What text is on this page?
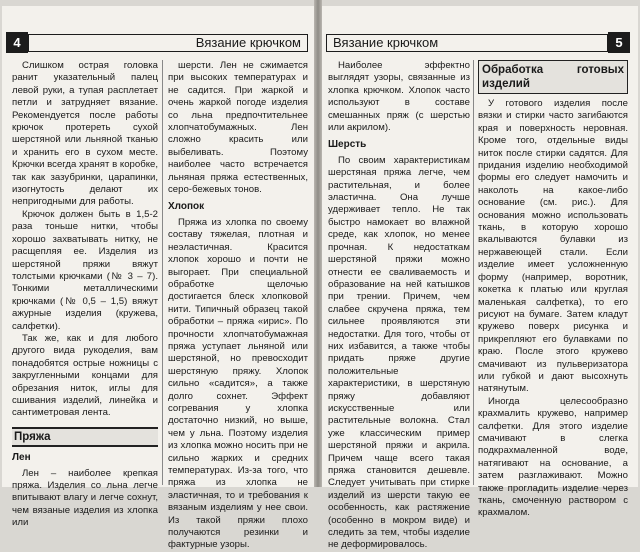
4	Вязание крючком

Слишком острая головка ранит указательный палец левой руки, а тупая расплетает петли и затрудняет вязание. Рекомендуется после работы крючок протереть сухой шерстяной или льняной тканью и хранить его в сухом месте. Крючки всегда хранят в коробке, так как зазубринки, царапинки, изогнутость делают их непригодными для работы.

Крючок должен быть в 1,5-2 раза тоньше нитки, чтобы хорошо захватывать нитку, не расщепляя ее. Изделия из шерстяной пряжи вяжут толстыми крючками (№ 3 – 7). Тонкими металлическими крючками (№ 0,5 – 1,5) вяжут ажурные изделия (кружева, салфетки).

Так же, как и для любого другого вида рукоделия, вам понадобятся острые ножницы с закругленными концами для обрезания ниток, иглы для сшивания изделий, линейка и сантиметровая лента.

Пряжа
Лен

Лен – наиболее крепкая пряжа. Изделия со льна легче впитывают влагу и легче сохнут, чем вязаные изделия из хлопка или

шерсти. Лен не сжимается при высоких температурах и не садится. При жаркой и очень жаркой погоде изделия со льна предпочтительнее хлопчатобумажных. Лен сложно красить или выбеливать. Поэтому наиболее часто встречается льняная пряжа естественных, серо-бежевых тонов.

Хлопок

Пряжа из хлопка по своему составу тяжелая, плотная и неэластичная. Красится хлопок хорошо и почти не выгорает. При специальной обработке щелочью достигается блеск хлопковой нити. Типичный образец такой обработки – пряжа «ирис». По прочности хлопчатобумажная пряжа уступает льняной или шерстяной, но превосходит шерстяную пряжу. Хлопок сильно «садится», а также долго сохнет. Эффект согревания у хлопка достаточно низкий, но выше, чем у льна. Поэтому изделия из хлопка можно носить при не сильно жарких и средних температурах. Из-за того, что пряжа из хлопка не эластичная, то и требования к вязаным изделиям у нее свои. Из такой пряжи плохо получаются резинки и фактурные узоры.

Вязание крючком	5

Наиболее эффектно выглядят узоры, связанные из хлопка крючком. Хлопок часто используют в составе смешанных пряж (с шерстью или акрилом).

Шерсть

По своим характеристикам шерстяная пряжа легче, чем растительная, и более эластична. Она лучше удерживает тепло. Не так быстро намокает во влажной среде, как хлопок, но менее прочная. К недостаткам шерстяной пряжи можно отнести ее сваливаемость и образование на ней катышков при трении. Причем, чем слабее скручена пряжа, тем сильнее проявляются эти недостатки. Для того, чтобы от них избавится, а также чтобы придать пряже другие положительные характеристики, в шерстяную пряжу добавляют искусственные или растительные волокна. Стал уже классическим пример шерстяной пряжи и акрила. Причем чаще всего такая пряжа становится дешевле. Следует учитывать при стирке изделий из шерсти такую ее особенность, как растяжение (особенно в мокром виде) и следить за тем, чтобы изделие не деформировалось.

Обработка готовых изделий

У готового изделия после вязки и стирки часто загибаются края и поверхность неровная. Кроме того, отдельные виды ниток после стирки садятся. Для придания изделию необходимой формы его следует намочить и наколоть на какое-либо основание (см. рис.). Для основания можно использовать ткань, в которую хорошо вкалываются булавки из нержавеющей стали. Если изделие имеет усложненную форму (например, воротник, кокетка к платью или круглая маленькая салфетка), то его рисуют на бумаге. Затем кладут кружево поверх рисунка и прикрепляют его булавками по краю. После этого кружево смачивают из пульверизатора или губкой и дают высохнуть натянутым.

Иногда целесообразно крахмалить кружево, например салфетки. Для этого изделие смачивают в слегка подкрахмаленной воде, натягивают на основание, а затем разглаживают. Можно также прогладить изделие через ткань, смоченную раствором с крахмалом.
